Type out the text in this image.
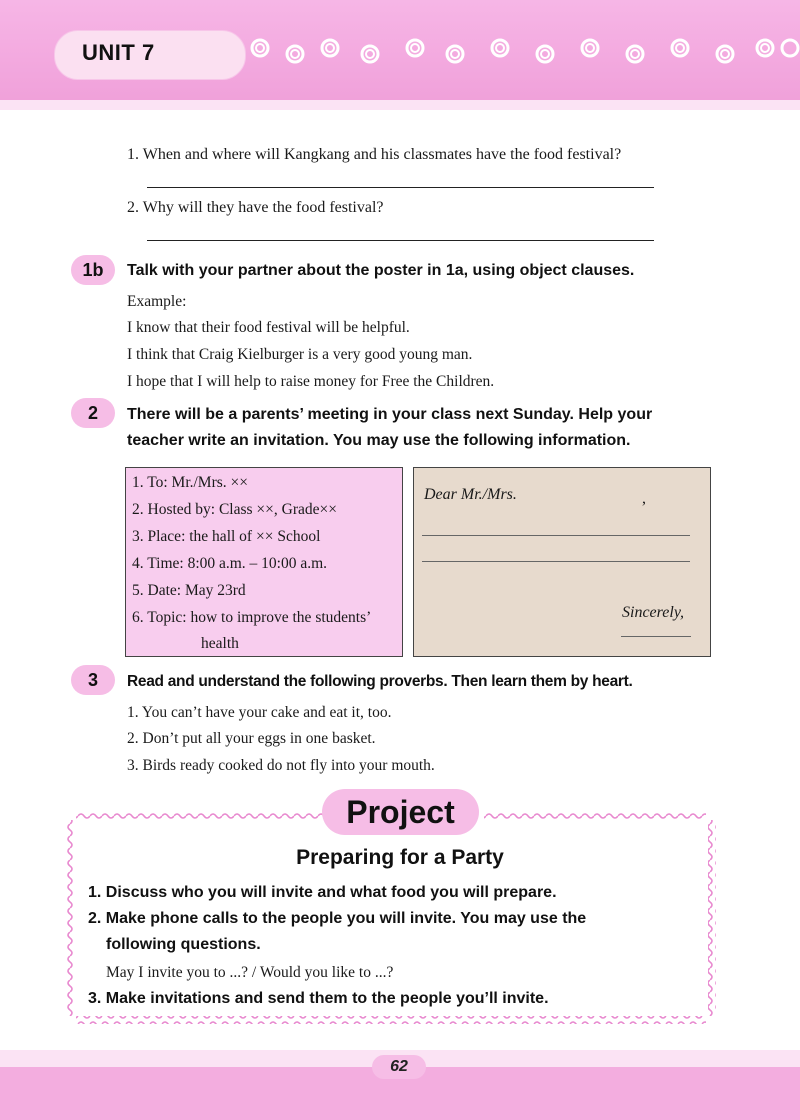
UNIT 7
1. When and where will Kangkang and his classmates have the food festival?
2. Why will they have the food festival?
1b	Talk with your partner about the poster in 1a, using object clauses.
Example:
I know that their food festival will be helpful.
I think that Craig Kielburger is a very good young man.
I hope that I will help to raise money for Free the Children.
2	There will be a parents’ meeting in your class next Sunday. Help your
teacher write an invitation. You may use the following information.
1. To: Mr./Mrs. ××
2. Hosted by: Class ××, Grade××
3. Place: the hall of ×× School
4. Time: 8:00 a.m. – 10:00 a.m.
5. Date: May 23rd
6. Topic: how to improve the students’
health
Dear Mr./Mrs.	,
Sincerely,
3	Read and understand the following proverbs. Then learn them by heart.
1. You can’t have your cake and eat it, too.
2. Don’t put all your eggs in one basket.
3. Birds ready cooked do not fly into your mouth.
Project
Preparing for a Party
1. Discuss who you will invite and what food you will prepare.
2. Make phone calls to the people you will invite. You may use the
following questions.
May I invite you to ...? / Would you like to ...?
3. Make invitations and send them to the people you’ll invite.
62
